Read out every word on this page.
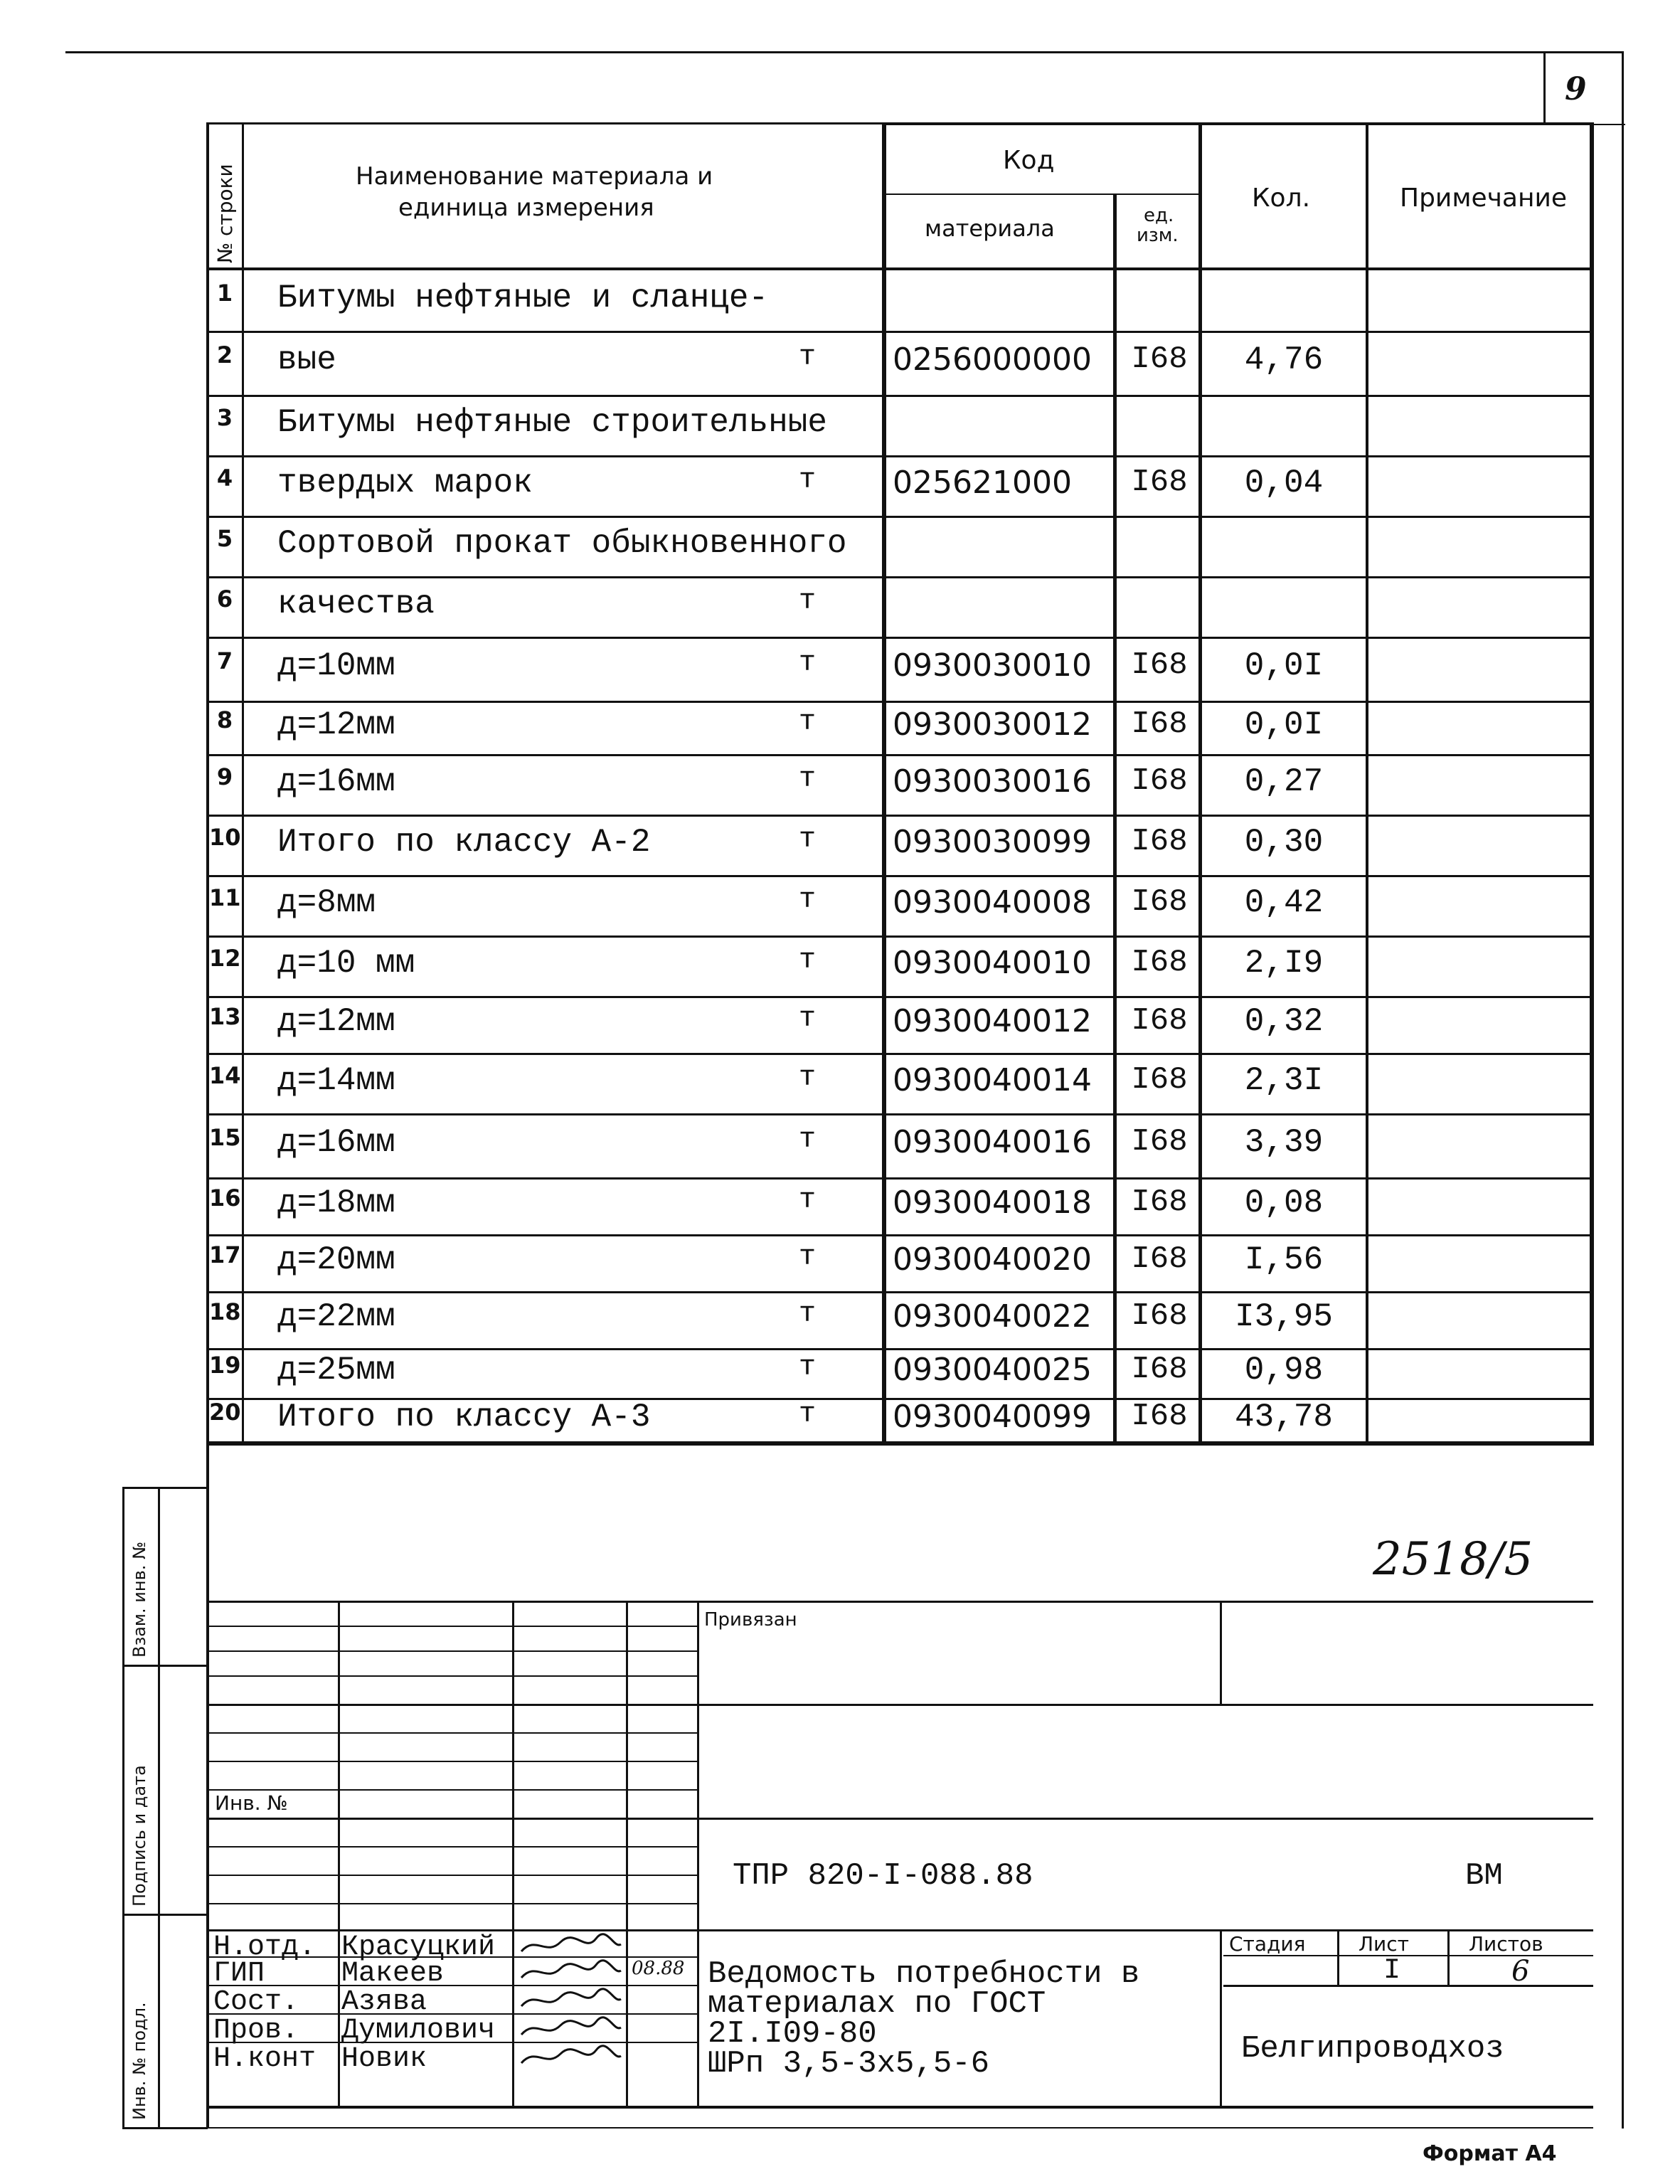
9
№ строки	Наименование материала и
единица измерения
Код
материала	ед.
изм.
Кол.	Примечание
1 Битумы нефтяные и сланце-
2 вые	т 0256000000	I68	4,76
3 Битумы нефтяные строительные
4 твердых марок	т 025621000	I68	0,04
5 Сортовой прокат обыкновенного
6 качества	т
7 д=10мм	т 0930030010	I68	0,0I
8 д=12мм	т 0930030012	I68	0,0I
9 д=16мм	т 0930030016	I68	0,27
10 Итого по классу А-2	т 0930030099	I68	0,30
11 д=8мм	т 0930040008	I68	0,42
12 д=10 мм	т 0930040010	I68	2,I9
13 д=12мм	т 0930040012	I68	0,32
14 д=14мм	т 0930040014	I68	2,3I
15 д=16мм	т 0930040016	I68	3,39
16 д=18мм	т 0930040018	I68	0,08
17 д=20мм	т 0930040020	I68	I,56
18 д=22мм	т 0930040022	I68	I3,95
19 д=25мм	т 0930040025	I68	0,98
20 Итого по классу А-3	т 0930040099	I68	43,78
2518/5
Взам. инв. №
Подпись и дата
Инв. № подл.
Инв. №
Привязан
ТПР 820-I-088.88	ВМ
Ведомость потребности в
материалах по ГОСТ
2I.I09-80
ШРп 3,5-3х5,5-6
Стадия	Лист	Листов
I	6
Белгипроводхоз
Н.отд. Красуцкий
ГИП	Макеев	08.88
Сост. Азява
Пров. Думилович
Н.конт Новик
Формат А4
